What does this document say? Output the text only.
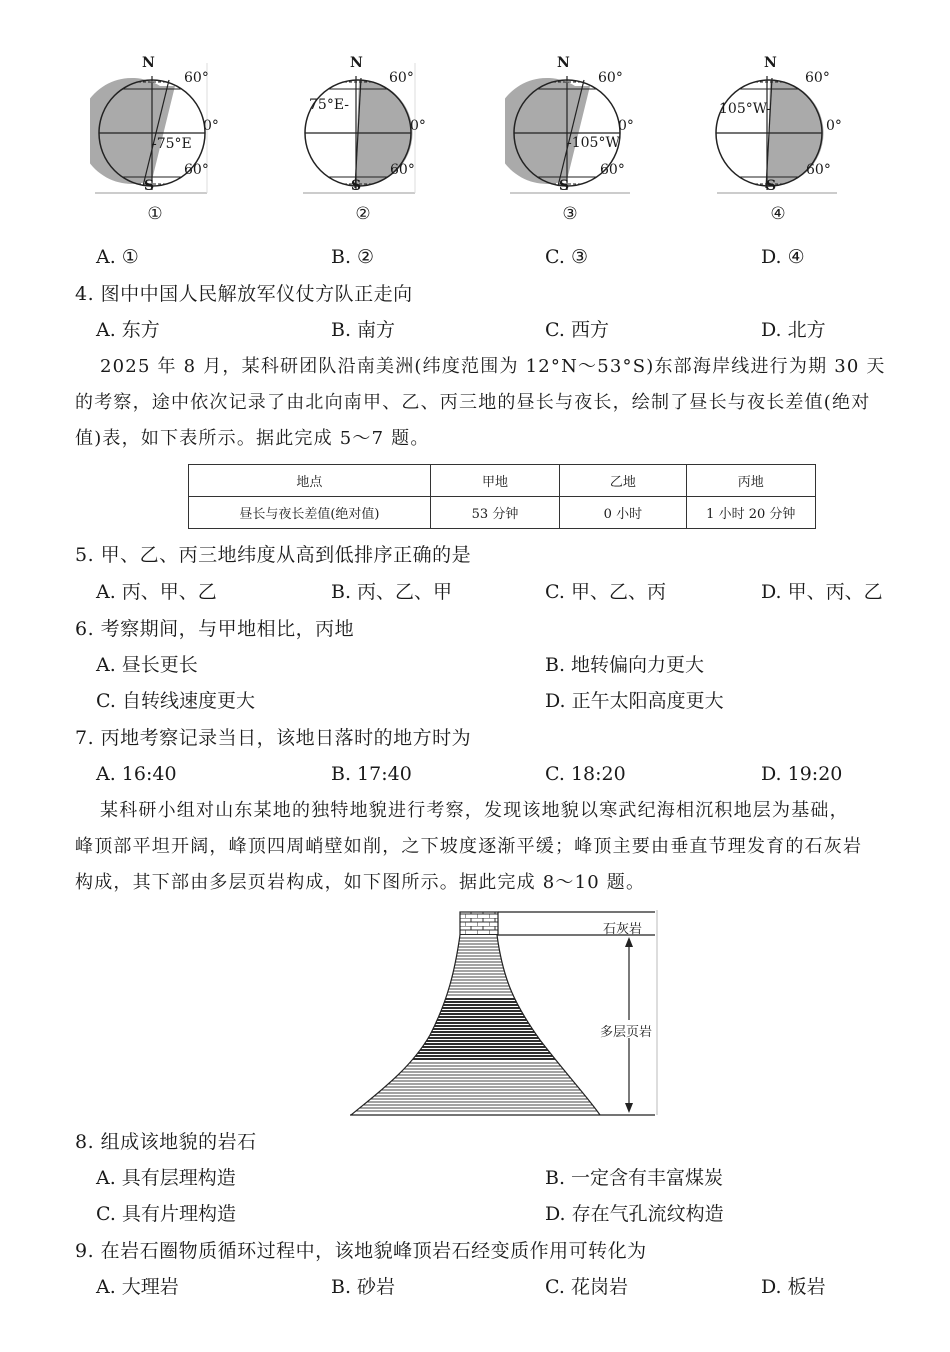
N
60°
0°
-75°E
60°
S
①
N
60°
75°E-
0°
60°
S
②
N
60°
0°
-105°W
60°
S
③
N
60°
105°W-
0°
60°
S
④
A. ①	B. ②	C. ③	D. ④
4. 图中中国人民解放军仪仗方队正走向
A. 东方	B. 南方	C. 西方	D. 北方
2025 年 8 月，某科研团队沿南美洲(纬度范围为 12°N～53°S)东部海岸线进行为期 30 天
的考察，途中依次记录了由北向南甲、乙、丙三地的昼长与夜长，绘制了昼长与夜长差值(绝对
值)表，如下表所示。据此完成 5～7 题。
地点	甲地	乙地	丙地
昼长与夜长差值(绝对值)	53 分钟	0 小时	1 小时 20 分钟
5. 甲、乙、丙三地纬度从高到低排序正确的是
A. 丙、甲、乙	B. 丙、乙、甲	C. 甲、乙、丙	D. 甲、丙、乙
6. 考察期间，与甲地相比，丙地
A. 昼长更长	B. 地转偏向力更大
C. 自转线速度更大	D. 正午太阳高度更大
7. 丙地考察记录当日，该地日落时的地方时为
A. 16:40	B. 17:40	C. 18:20	D. 19:20
某科研小组对山东某地的独特地貌进行考察，发现该地貌以寒武纪海相沉积地层为基础，
峰顶部平坦开阔，峰顶四周峭壁如削，之下坡度逐渐平缓；峰顶主要由垂直节理发育的石灰岩
构成，其下部由多层页岩构成，如下图所示。据此完成 8～10 题。
石灰岩
多层页岩
8. 组成该地貌的岩石
A. 具有层理构造	B. 一定含有丰富煤炭
C. 具有片理构造	D. 存在气孔流纹构造
9. 在岩石圈物质循环过程中，该地貌峰顶岩石经变质作用可转化为
A. 大理岩	B. 砂岩	C. 花岗岩	D. 板岩
